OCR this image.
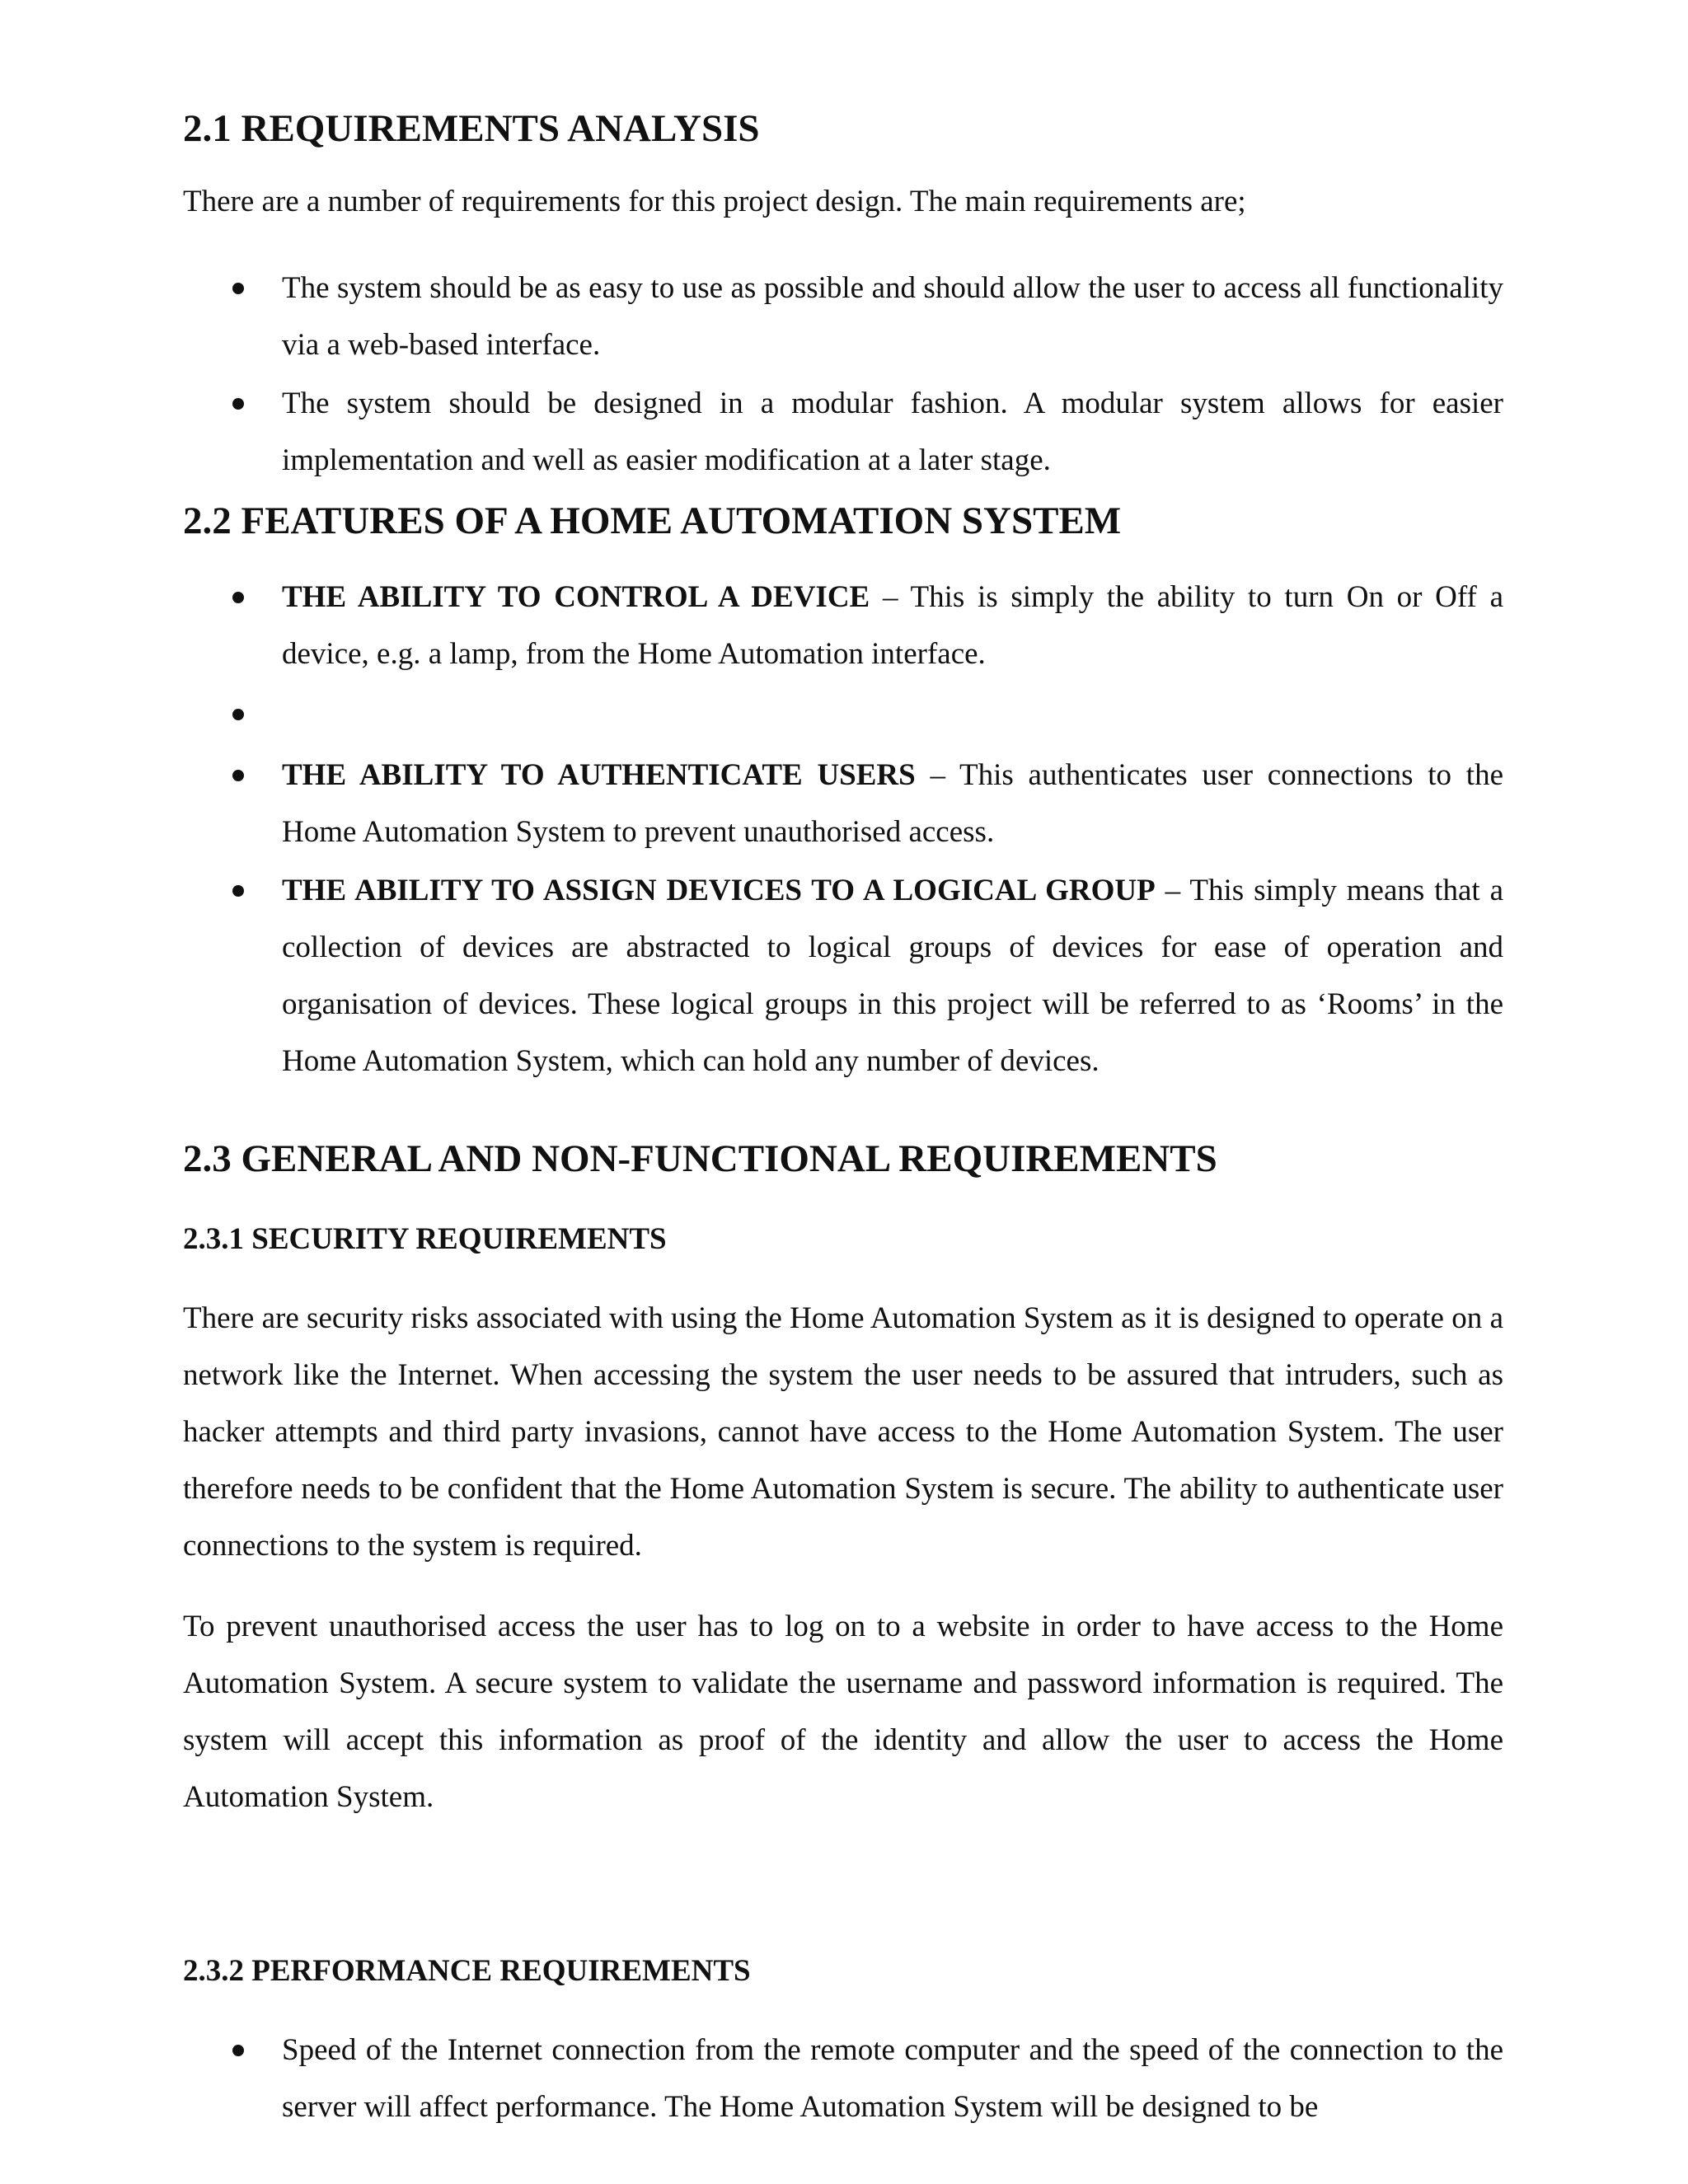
2.1 REQUIREMENTS ANALYSIS

There are a number of requirements for this project design. The main requirements are;

The system should be as easy to use as possible and should allow the user to access all functionality via a web-based interface.

The system should be designed in a modular fashion. A modular system allows for easier implementation and well as easier modification at a later stage.

2.2 FEATURES OF A HOME AUTOMATION SYSTEM

THE ABILITY TO CONTROL A DEVICE – This is simply the ability to turn On or Off a device, e.g. a lamp, from the Home Automation interface.

THE ABILITY TO AUTHENTICATE USERS – This authenticates user connections to the Home Automation System to prevent unauthorised access.

THE ABILITY TO ASSIGN DEVICES TO A LOGICAL GROUP – This simply means that a collection of devices are abstracted to logical groups of devices for ease of operation and organisation of devices. These logical groups in this project will be referred to as ‘Rooms’ in the Home Automation System, which can hold any number of devices.

2.3 GENERAL AND NON-FUNCTIONAL REQUIREMENTS
2.3.1 SECURITY REQUIREMENTS

There are security risks associated with using the Home Automation System as it is designed to operate on a network like the Internet. When accessing the system the user needs to be assured that intruders, such as hacker attempts and third party invasions, cannot have access to the Home Automation System. The user therefore needs to be confident that the Home Automation System is secure. The ability to authenticate user connections to the system is required.

To prevent unauthorised access the user has to log on to a website in order to have access to the Home Automation System. A secure system to validate the username and password information is required. The system will accept this information as proof of the identity and allow the user to access the Home Automation System.

2.3.2 PERFORMANCE REQUIREMENTS

Speed of the Internet connection from the remote computer and the speed of the connection to the server will affect performance. The Home Automation System will be designed to be
